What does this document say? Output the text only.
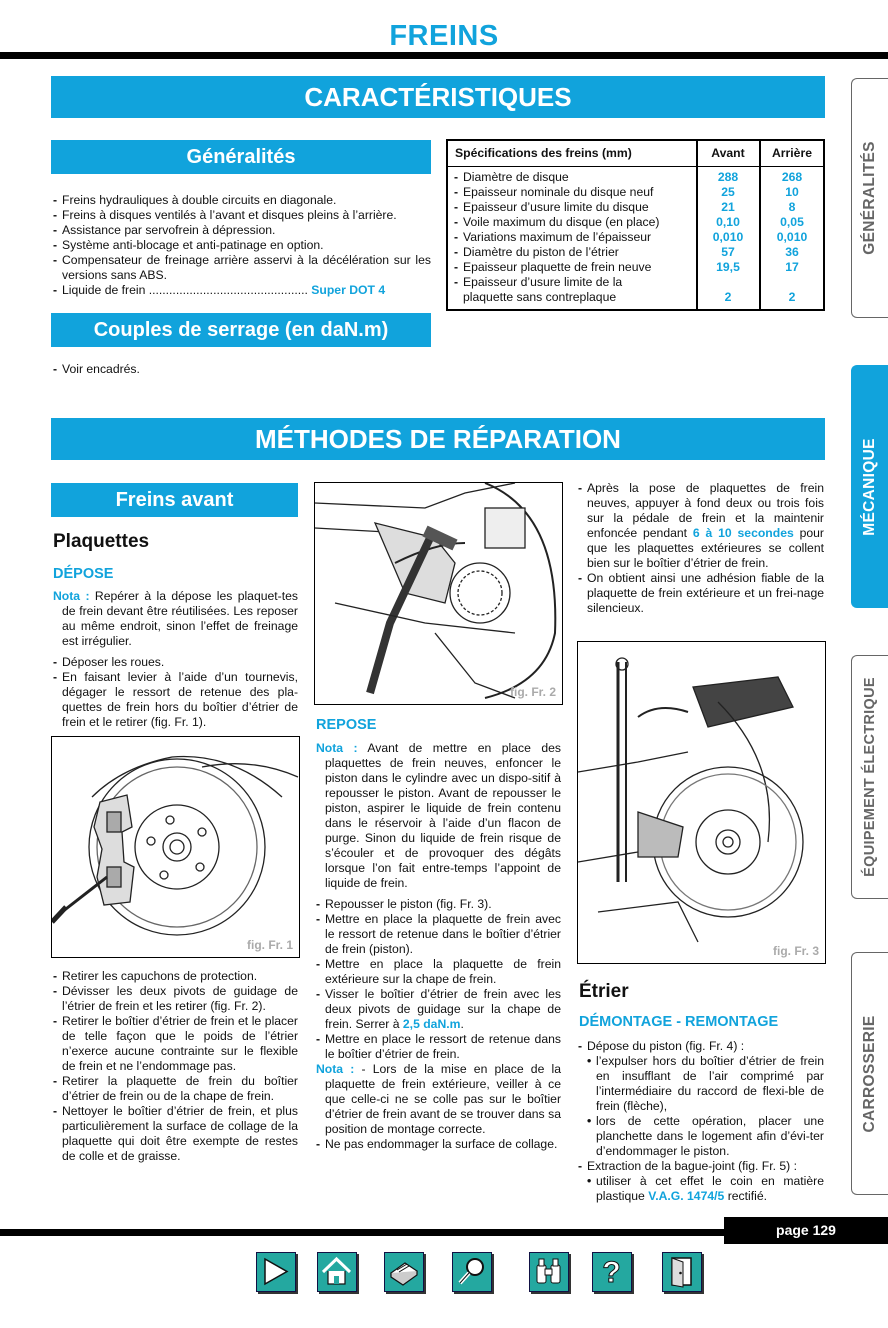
FREINS
CARACTÉRISTIQUES
Généralités

- Freins hydrauliques à double circuits en diagonale.

- Freins à disques ventilés à l’avant et disques pleins à l’arrière.

- Assistance par servofrein à dépression.

- Système anti-blocage et anti-patinage en option.

- Compensateur de freinage arrière asservi à la décélération sur les versions sans ABS.

- Liquide de frein ............................................... Super DOT 4

Spécifications des freins (mm)	Avant	Arrière
- Diamètre de disque
- Epaisseur nominale du disque neuf
- Epaisseur d’usure limite du disque
- Voile maximum du disque (en place)
- Variations maximum de l’épaisseur
- Diamètre du piston de l’étrier
- Epaisseur plaquette de frein neuve
- Epaisseur d’usure limite de la
plaquette sans contreplaque
288
25
21
0,10
0,010
57
19,5
2
268
10
8
0,05
0,010
36
17
2
Couples de serrage (en daN.m)

- Voir encadrés.

MÉTHODES DE RÉPARATION
Freins avant
Plaquettes
DÉPOSE

Nota : Repérer à la dépose les plaquet-tes de frein devant être réutilisées. Les reposer au même endroit, sinon l’effet de freinage est irrégulier.

- Déposer les roues.

- En faisant levier à l’aide d’un tournevis, dégager le ressort de retenue des pla-quettes de frein hors du boîtier d’étrier de frein et le retirer (fig. Fr. 1).

fig. Fr. 1

- Retirer les capuchons de protection.

- Dévisser les deux pivots de guidage de l’étrier de frein et les retirer (fig. Fr. 2).

- Retirer le boîtier d’étrier de frein et le placer de telle façon que le poids de l’étrier n’exerce aucune contrainte sur le flexible de frein et ne l’endommage pas.

- Retirer la plaquette de frein du boîtier d’étrier de frein ou de la chape de frein.

- Nettoyer le boîtier d’étrier de frein, et plus particulièrement la surface de collage de la plaquette qui doit être exempte de restes de colle et de graisse.

fig. Fr. 2
REPOSE

Nota : Avant de mettre en place des plaquettes de frein neuves, enfoncer le piston dans le cylindre avec un dispo-sitif à repousser le piston. Avant de repousser le piston, aspirer le liquide de frein contenu dans le réservoir à l’aide d’un flacon de purge. Sinon du liquide de frein risque de s’écouler et de provoquer des dégâts lorsque l’on fait entre-temps l’appoint de liquide de frein.

- Repousser le piston (fig. Fr. 3).

- Mettre en place la plaquette de frein avec le ressort de retenue dans le boîtier d’étrier de frein (piston).

- Mettre en place la plaquette de frein extérieure sur la chape de frein.

- Visser le boîtier d’étrier de frein avec les deux pivots de guidage sur la chape de frein. Serrer à 2,5 daN.m.

- Mettre en place le ressort de retenue dans le boîtier d’étrier de frein.

Nota : - Lors de la mise en place de la plaquette de frein extérieure, veiller à ce que celle-ci ne se colle pas sur le boîtier d’étrier de frein avant de se trouver dans sa position de montage correcte.

- Ne pas endommager la surface de collage.

- Après la pose de plaquettes de frein neuves, appuyer à fond deux ou trois fois sur la pédale de frein et la maintenir enfoncée pendant 6 à 10 secondes pour que les plaquettes extérieures se collent bien sur le boîtier d’étrier de frein.

- On obtient ainsi une adhésion fiable de la plaquette de frein extérieure et un frei-nage silencieux.

fig. Fr. 3
Étrier
DÉMONTAGE - REMONTAGE

- Dépose du piston (fig. Fr. 4) :

• l’expulser hors du boîtier d’étrier de frein en insufflant de l’air comprimé par l’intermédiaire du raccord de flexi-ble de frein (flèche),

• lors de cette opération, placer une planchette dans le logement afin d’évi-ter d’endommager le piston.

- Extraction de la bague-joint (fig. Fr. 5) :

• utiliser à cet effet le coin en matière plastique V.A.G. 1474/5 rectifié.

GÉNÉRALITÉS
MÉCANIQUE
ÉQUIPEMENT ÉLECTRIQUE
CARROSSERIE
page 129
?
